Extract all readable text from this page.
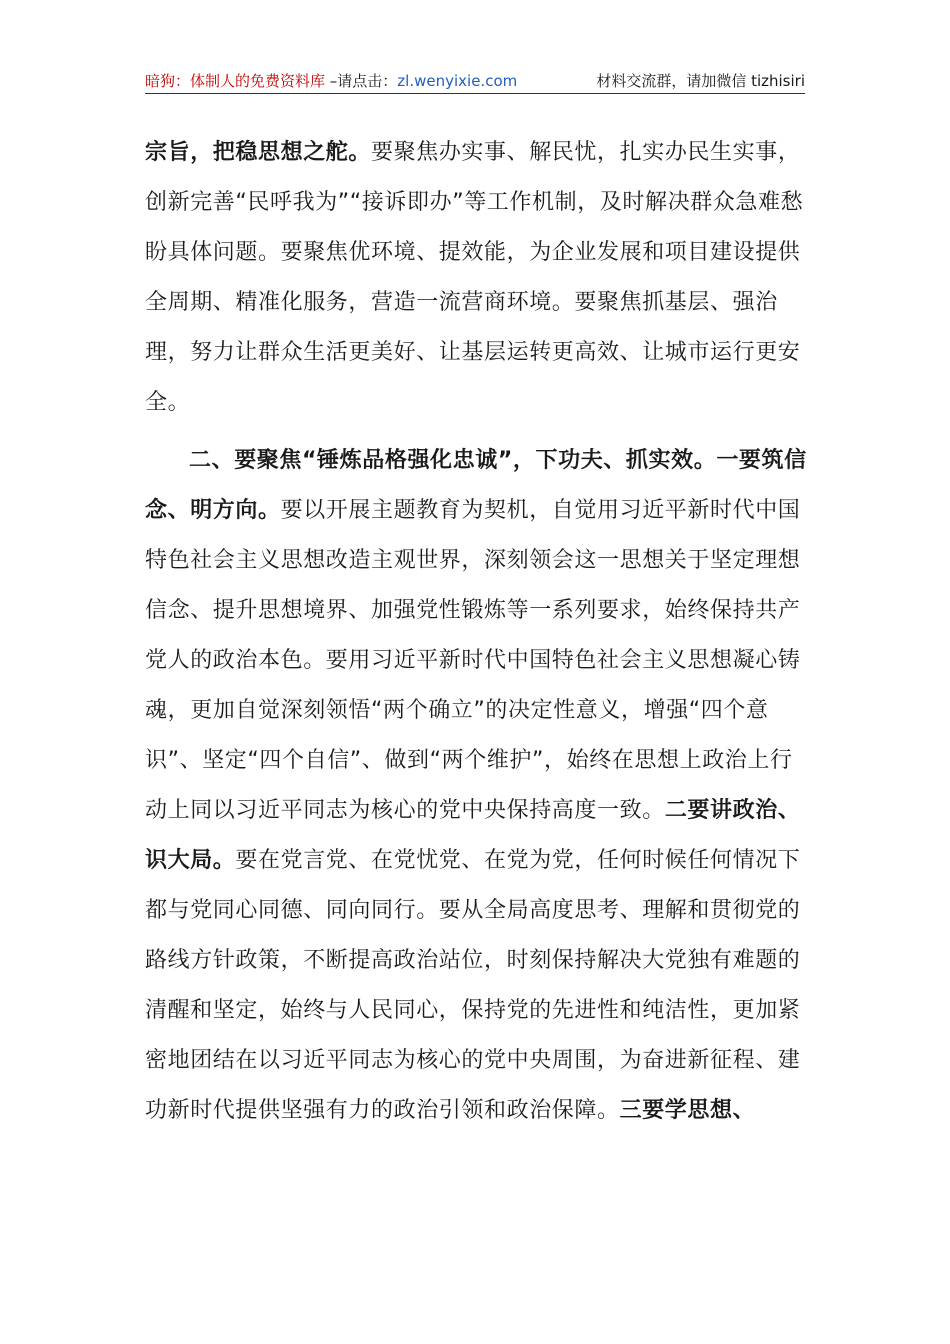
暗狗：体制人的免费资料库 –请点击：zl.wenyixie.com	材料交流群，请加微信 tizhisiri

宗旨，把稳思想之舵。要聚焦办实事、解民忧，扎实办民生实事，创新完善“民呼我为”“接诉即办”等工作机制，及时解决群众急难愁盼具体问题。要聚焦优环境、提效能，为企业发展和项目建设提供全周期、精准化服务，营造一流营商环境。要聚焦抓基层、强治理，努力让群众生活更美好、让基层运转更高效、让城市运行更安全。

二、要聚焦“锤炼品格强化忠诚”，下功夫、抓实效。一要筑信念、明方向。要以开展主题教育为契机，自觉用习近平新时代中国特色社会主义思想改造主观世界，深刻领会这一思想关于坚定理想信念、提升思想境界、加强党性锻炼等一系列要求，始终保持共产党人的政治本色。要用习近平新时代中国特色社会主义思想凝心铸魂，更加自觉深刻领悟“两个确立”的决定性意义，增强“四个意识”、坚定“四个自信”、做到“两个维护”，始终在思想上政治上行动上同以习近平同志为核心的党中央保持高度一致。二要讲政治、识大局。要在党言党、在党忧党、在党为党，任何时候任何情况下都与党同心同德、同向同行。要从全局高度思考、理解和贯彻党的路线方针政策，不断提高政治站位，时刻保持解决大党独有难题的清醒和坚定，始终与人民同心，保持党的先进性和纯洁性，更加紧密地团结在以习近平同志为核心的党中央周围，为奋进新征程、建功新时代提供坚强有力的政治引领和政治保障。三要学思想、
